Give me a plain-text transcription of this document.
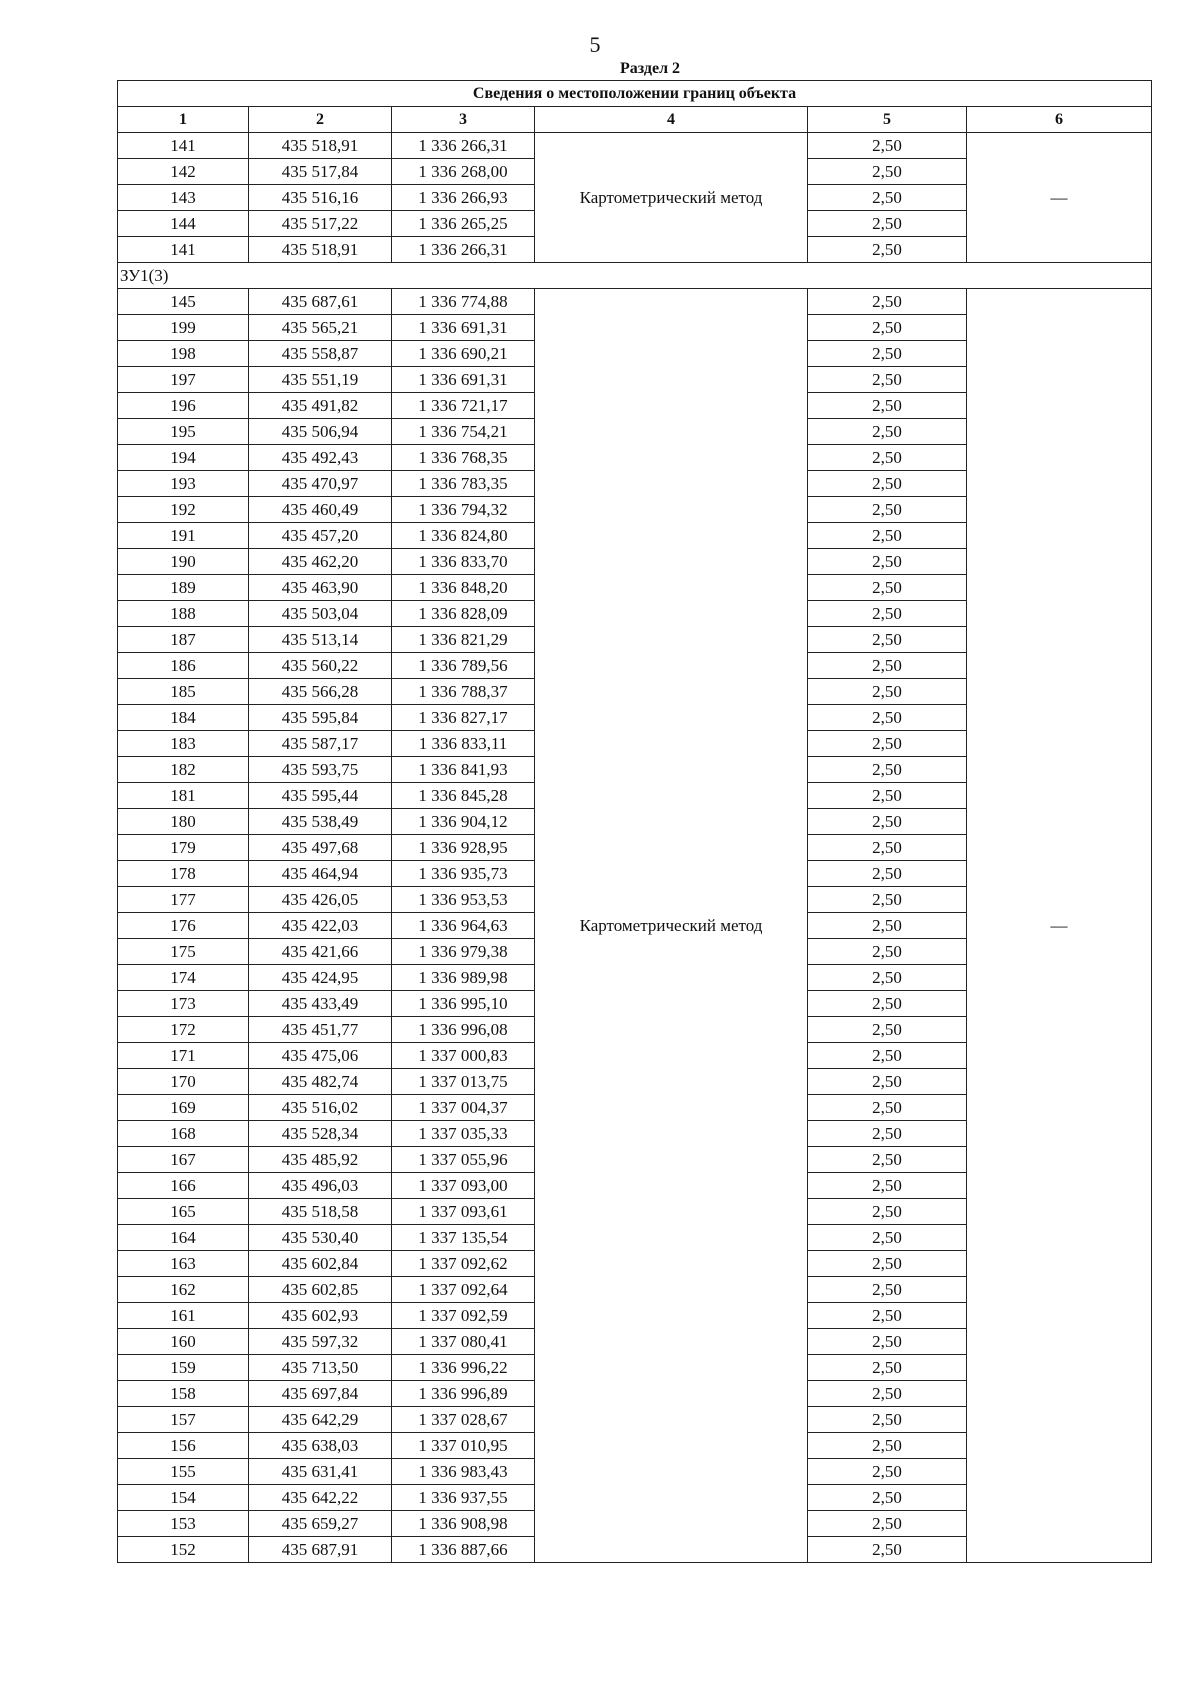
5
Раздел 2
Сведения о местоположении границ объекта					
1	2	3	4	5	6
141	435 518,91	1 336 266,31	Картометрический метод	2,50	—
142	435 517,84	1 336 268,00		2,50	
143	435 516,16	1 336 266,93		2,50	
144	435 517,22	1 336 265,25		2,50	
141	435 518,91	1 336 266,31		2,50	
ЗУ1(3)					
145	435 687,61	1 336 774,88	Картометрический метод	2,50	—
199	435 565,21	1 336 691,31		2,50	
198	435 558,87	1 336 690,21		2,50	
197	435 551,19	1 336 691,31		2,50	
196	435 491,82	1 336 721,17		2,50	
195	435 506,94	1 336 754,21		2,50	
194	435 492,43	1 336 768,35		2,50	
193	435 470,97	1 336 783,35		2,50	
192	435 460,49	1 336 794,32		2,50	
191	435 457,20	1 336 824,80		2,50	
190	435 462,20	1 336 833,70		2,50	
189	435 463,90	1 336 848,20		2,50	
188	435 503,04	1 336 828,09		2,50	
187	435 513,14	1 336 821,29		2,50	
186	435 560,22	1 336 789,56		2,50	
185	435 566,28	1 336 788,37		2,50	
184	435 595,84	1 336 827,17		2,50	
183	435 587,17	1 336 833,11		2,50	
182	435 593,75	1 336 841,93		2,50	
181	435 595,44	1 336 845,28		2,50	
180	435 538,49	1 336 904,12		2,50	
179	435 497,68	1 336 928,95		2,50	
178	435 464,94	1 336 935,73		2,50	
177	435 426,05	1 336 953,53		2,50	
176	435 422,03	1 336 964,63		2,50	
175	435 421,66	1 336 979,38		2,50	
174	435 424,95	1 336 989,98		2,50	
173	435 433,49	1 336 995,10		2,50	
172	435 451,77	1 336 996,08		2,50	
171	435 475,06	1 337 000,83		2,50	
170	435 482,74	1 337 013,75		2,50	
169	435 516,02	1 337 004,37		2,50	
168	435 528,34	1 337 035,33		2,50	
167	435 485,92	1 337 055,96		2,50	
166	435 496,03	1 337 093,00		2,50	
165	435 518,58	1 337 093,61		2,50	
164	435 530,40	1 337 135,54		2,50	
163	435 602,84	1 337 092,62		2,50	
162	435 602,85	1 337 092,64		2,50	
161	435 602,93	1 337 092,59		2,50	
160	435 597,32	1 337 080,41		2,50	
159	435 713,50	1 336 996,22		2,50	
158	435 697,84	1 336 996,89		2,50	
157	435 642,29	1 337 028,67		2,50	
156	435 638,03	1 337 010,95		2,50	
155	435 631,41	1 336 983,43		2,50	
154	435 642,22	1 336 937,55		2,50	
153	435 659,27	1 336 908,98		2,50	
152	435 687,91	1 336 887,66		2,50	
